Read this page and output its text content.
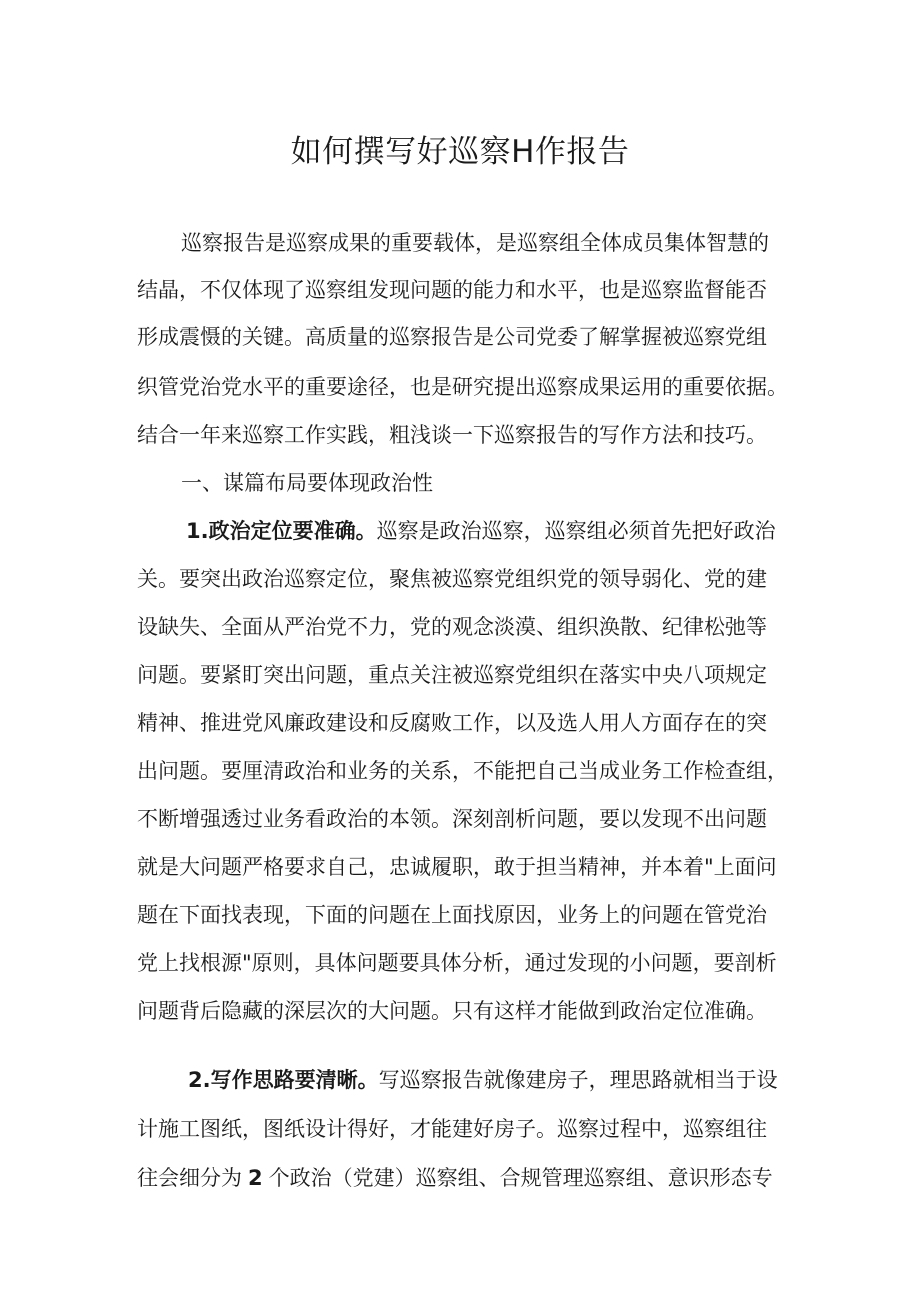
如何撰写好巡察H作报告

巡察报告是巡察成果的重要载体，是巡察组全体成员集体智慧的

结晶，不仅体现了巡察组发现问题的能力和水平，也是巡察监督能否

形成震慑的关键。高质量的巡察报告是公司党委了解掌握被巡察党组

织管党治党水平的重要途径，也是研究提出巡察成果运用的重要依据。

结合一年来巡察工作实践，粗浅谈一下巡察报告的写作方法和技巧。

一、谋篇布局要体现政治性

1.政治定位要准确。巡察是政治巡察，巡察组必须首先把好政治

关。要突出政治巡察定位，聚焦被巡察党组织党的领导弱化、党的建

设缺失、全面从严治党不力，党的观念淡漠、组织涣散、纪律松弛等

问题。要紧盯突出问题，重点关注被巡察党组织在落实中央八项规定

精神、推进党风廉政建设和反腐败工作，以及选人用人方面存在的突

出问题。要厘清政治和业务的关系，不能把自己当成业务工作检查组，

不断增强透过业务看政治的本领。深刻剖析问题，要以发现不出问题

就是大问题严格要求自己，忠诚履职，敢于担当精神，并本着"上面问

题在下面找表现，下面的问题在上面找原因，业务上的问题在管党治

党上找根源"原则，具体问题要具体分析，通过发现的小问题，要剖析

问题背后隐藏的深层次的大问题。只有这样才能做到政治定位准确。

2.写作思路要清晰。写巡察报告就像建房子，理思路就相当于设

计施工图纸，图纸设计得好，才能建好房子。巡察过程中，巡察组往

往会细分为 2 个政治（党建）巡察组、合规管理巡察组、意识形态专
